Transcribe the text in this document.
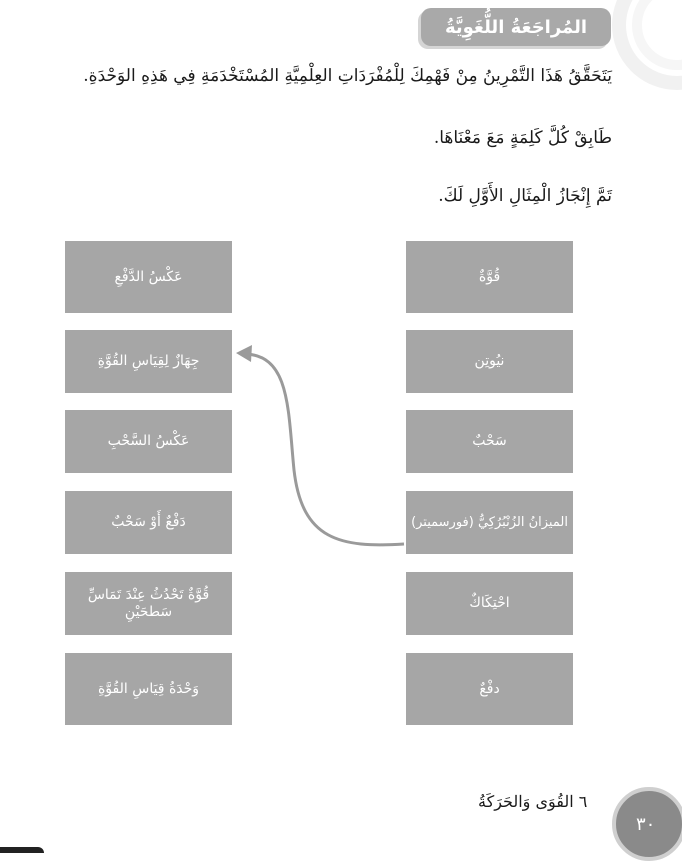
المُراجَعَةُ اللُّغَوِيَّةُ
يَتَحَقَّقُ هَذَا التَّمْرِينُ مِنْ فَهْمِكَ لِلْمُفْرَدَاتِ العِلْمِيَّةِ المُسْتَخْدَمَةِ فِي هَذِهِ الوَحْدَةِ.
طَابِقْ كُلَّ كَلِمَةٍ مَعَ مَعْنَاهَا.
تَمَّ إِنْجَازُ الْمِثَالِ الأَوَّلِ لَكَ.
عَكْسُ الدَّفْعِ
جِهَازٌ لِقِيَاسِ القُوَّةِ
عَكْسُ السَّحْبِ
دَفْعٌ أَوْ سَحْبٌ
قُوَّةٌ تَحْدُثُ عِنْدَ تَمَاسِّ سَطحَيْنِ
وَحْدَةُ قِيَاسِ القُوَّةِ
قُوَّةٌ
نيُوتِن
سَحْبٌ
الميزانُ الزُنْبُرُكِيُّ (فورسميتر)
احْتِكَاكٌ
دفْعٌ
٦ القُوَى وَالحَرَكَةُ
٣٠
